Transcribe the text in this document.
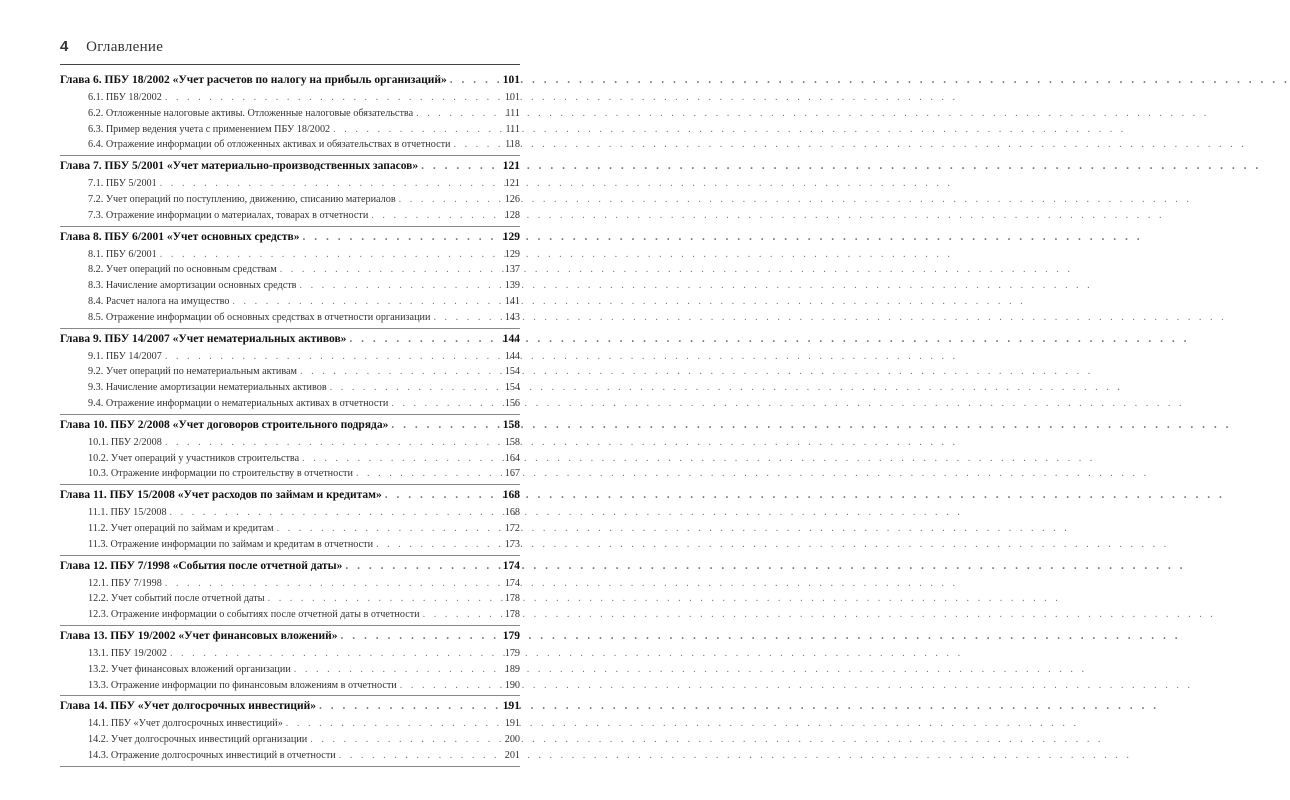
4 Оглавление
Глава 6. ПБУ 18/2002 «Учет расчетов по налогу на прибыль организаций» . . .	101
6.1. ПБУ 18/2002 . . .	101
6.2. Отложенные налоговые активы. Отложенные налоговые обязательства . . .	111
6.3. Пример ведения учета с применением ПБУ 18/2002 . . .	111
6.4. Отражение информации об отложенных активах и обязательствах в отчетности . . .	118
Глава 7. ПБУ 5/2001 «Учет материально-производственных запасов» . . .	121
7.1. ПБУ 5/2001 . . .	121
7.2. Учет операций по поступлению, движению, списанию материалов . . .	126
7.3. Отражение информации о материалах, товарах в отчетности . . .	128
Глава 8. ПБУ 6/2001 «Учет основных средств» . . .	129
8.1. ПБУ 6/2001 . . .	129
8.2. Учет операций по основным средствам . . .	137
8.3. Начисление амортизации основных средств . . .	139
8.4. Расчет налога на имущество . . .	141
8.5. Отражение информации об основных средствах в отчетности организации . . .	143
Глава 9. ПБУ 14/2007 «Учет нематериальных активов» . . .	144
9.1. ПБУ 14/2007 . . .	144
9.2. Учет операций по нематериальным активам . . .	154
9.3. Начисление амортизации нематериальных активов . . .	154
9.4. Отражение информации о нематериальных активах в отчетности . . .	156
Глава 10. ПБУ 2/2008 «Учет договоров строительного подряда» . . .	158
10.1. ПБУ 2/2008 . . .	158
10.2. Учет операций у участников строительства . . .	164
10.3. Отражение информации по строительству в отчетности . . .	167
Глава 11. ПБУ 15/2008 «Учет расходов по займам и кредитам» . . .	168
11.1. ПБУ 15/2008 . . .	168
11.2. Учет операций по займам и кредитам . . .	172
11.3. Отражение информации по займам и кредитам в отчетности . . .	173
Глава 12. ПБУ 7/1998 «События после отчетной даты» . . .	174
12.1. ПБУ 7/1998 . . .	174
12.2. Учет событий после отчетной даты . . .	178
12.3. Отражение информации о событиях после отчетной даты в отчетности . . .	178
Глава 13. ПБУ 19/2002 «Учет финансовых вложений» . . .	179
13.1. ПБУ 19/2002 . . .	179
13.2. Учет финансовых вложений организации . . .	189
13.3. Отражение информации по финансовым вложениям в отчетности . . .	190
Глава 14. ПБУ «Учет долгосрочных инвестиций» . . .	191
14.1. ПБУ «Учет долгосрочных инвестиций» . . .	191
14.2. Учет долгосрочных инвестиций организации . . .	200
14.3. Отражение долгосрочных инвестиций в отчетности . . .	201
